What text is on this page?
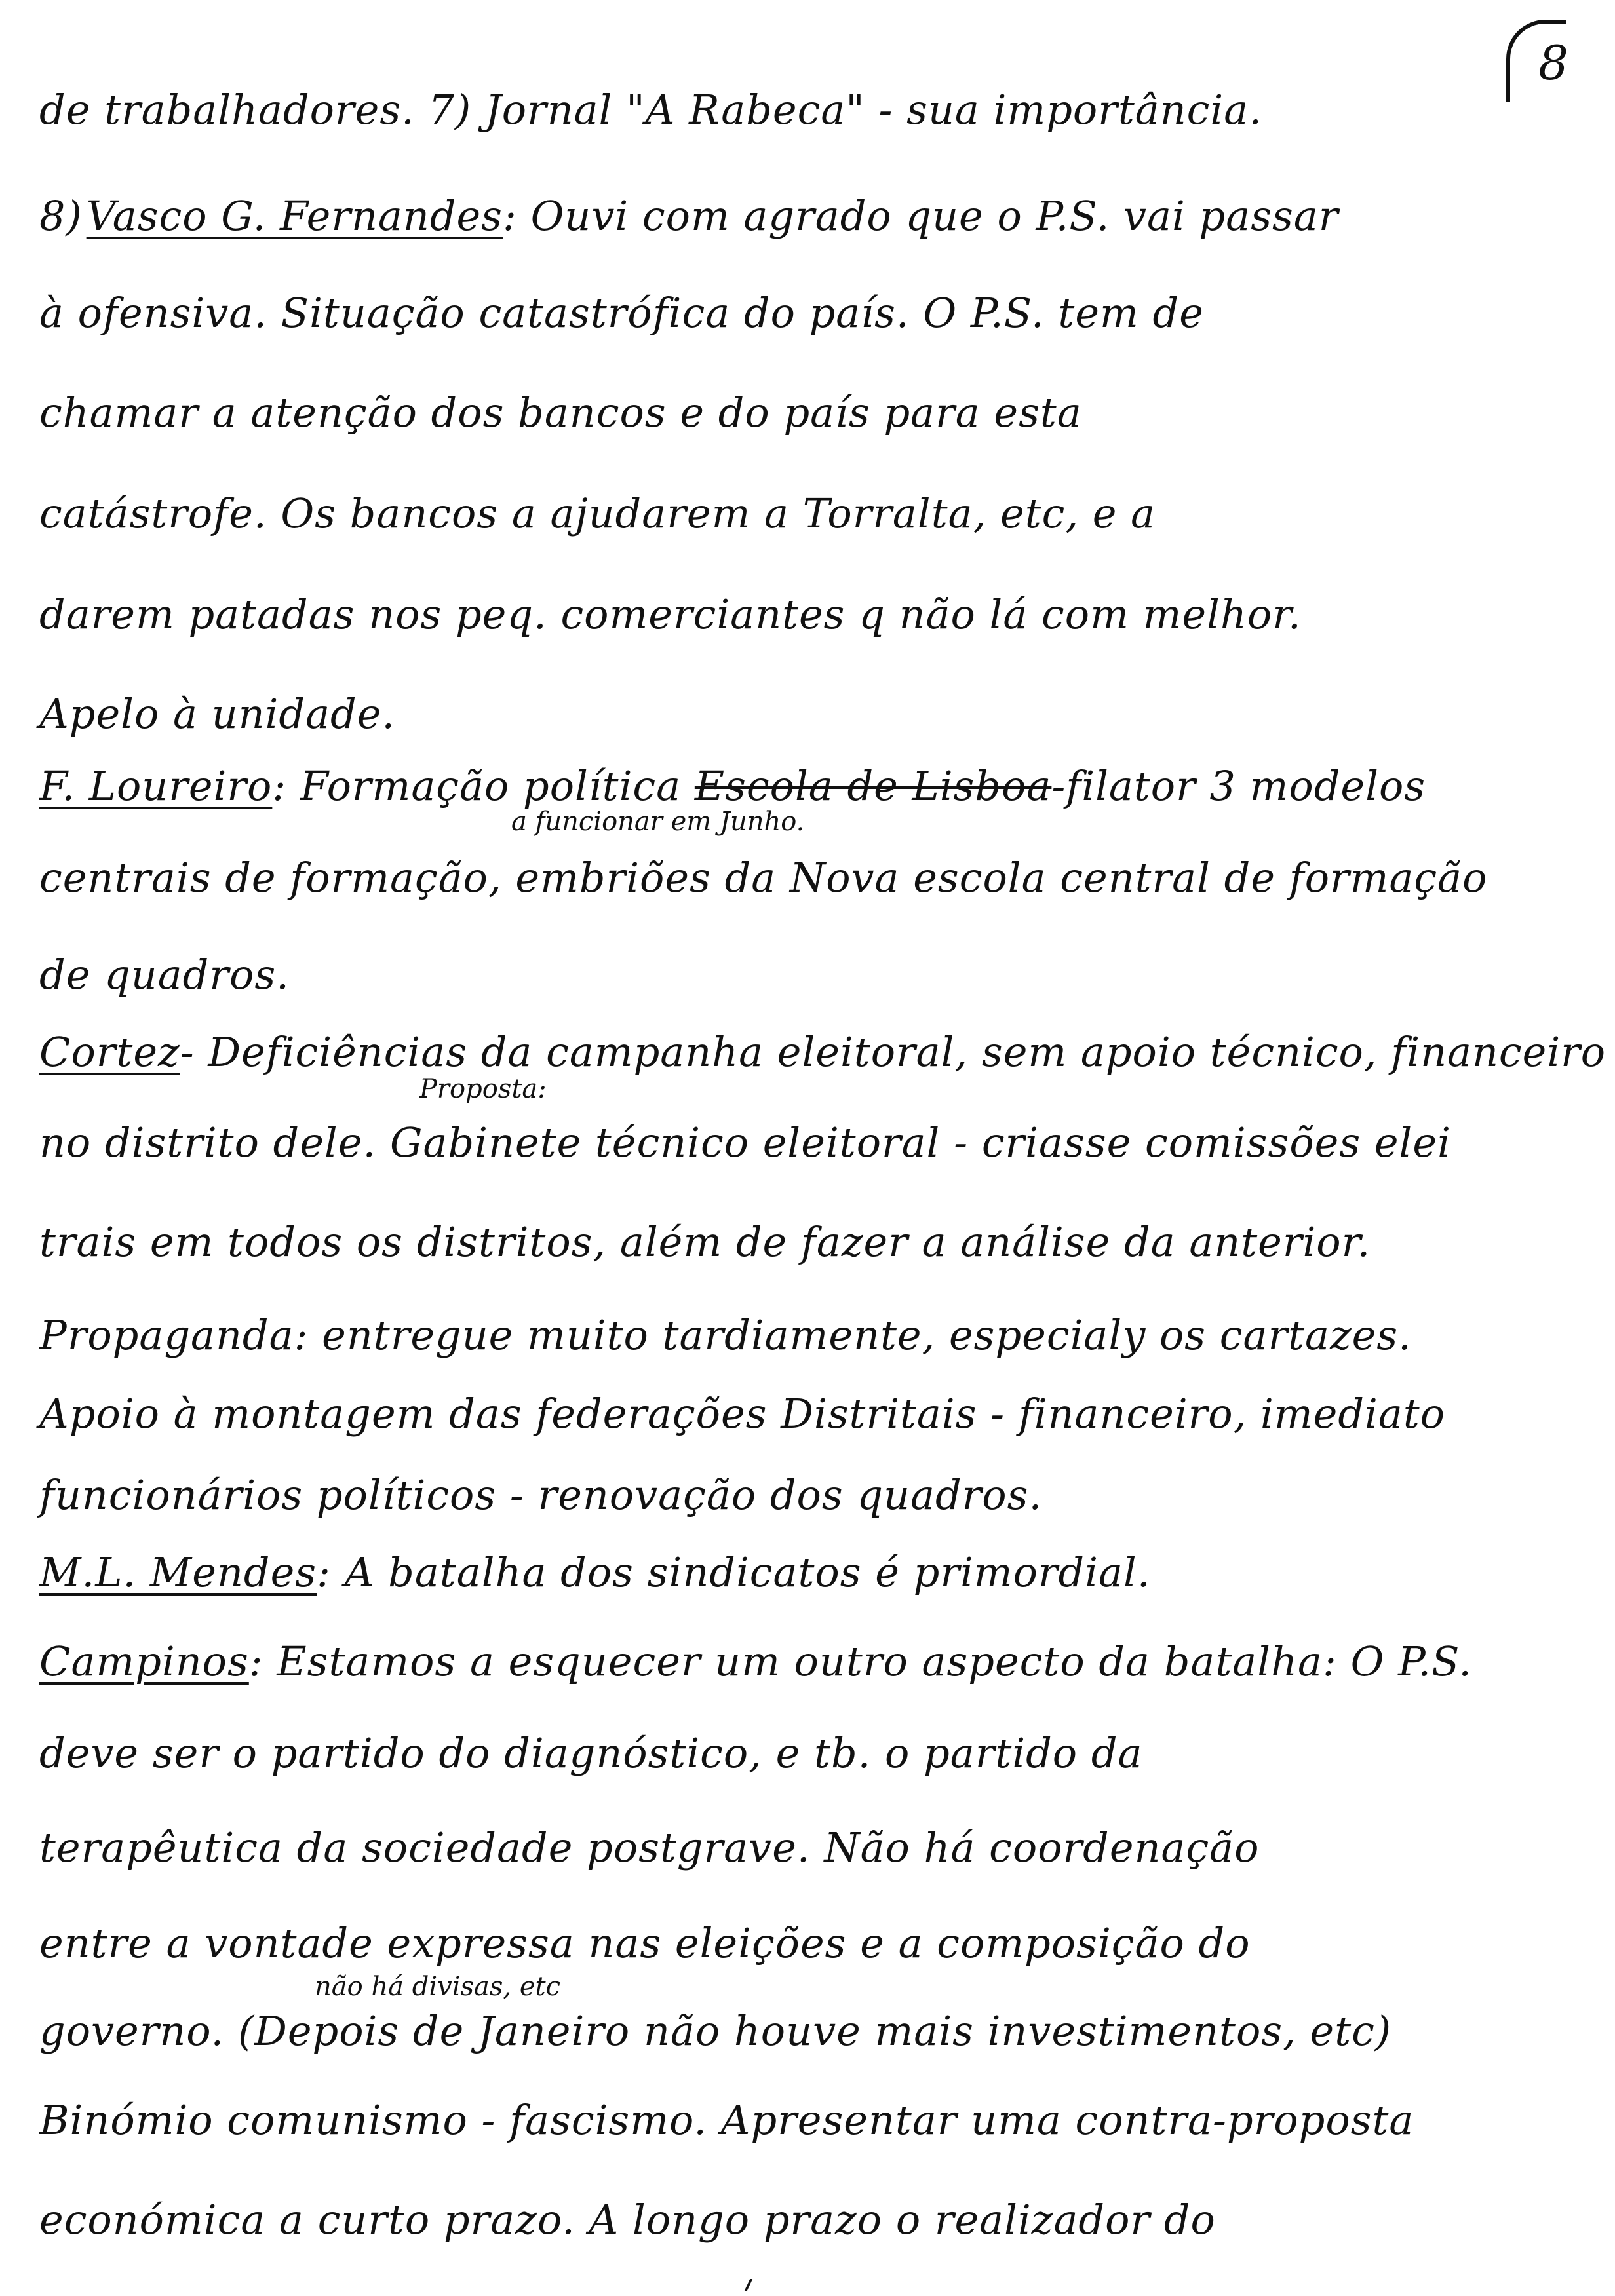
8
de trabalhadores. 7) Jornal "A Rabeca" - sua importância.
8)Vasco G. Fernandes: Ouvi com agrado que o P.S. vai passar
à ofensiva. Situação catastrófica do país. O P.S. tem de
chamar a atenção dos bancos e do país para esta
catástrofe. Os bancos a ajudarem a Torralta, etc, e a
darem patadas nos peq. comerciantes q não lá com melhor.
Apelo à unidade.
F. Loureiro: Formação política Escola de Lisboa-filator 3 modelos
a funcionar em Junho.
centrais de formação, embriões da Nova escola central de formação
de quadros.
Cortez- Deficiências da campanha eleitoral, sem apoio técnico, financeiro
Proposta:
no distrito dele. Gabinete técnico eleitoral - criasse comissões elei
trais em todos os distritos, além de fazer a análise da anterior.
Propaganda: entregue muito tardiamente, especialy os cartazes.
Apoio à montagem das federações Distritais - financeiro, imediato
funcionários políticos - renovação dos quadros.
M.L. Mendes: A batalha dos sindicatos é primordial.
Campinos: Estamos a esquecer um outro aspecto da batalha: O P.S.
deve ser o partido do diagnóstico, e tb. o partido da
terapêutica da sociedade postgrave. Não há coordenação
entre a vontade expressa nas eleições e a composição do
não há divisas, etc
governo. (Depois de Janeiro não houve mais investimentos, etc)
Binómio comunismo - fascismo. Apresentar uma contra-proposta
económica a curto prazo. A longo prazo o realizador do
